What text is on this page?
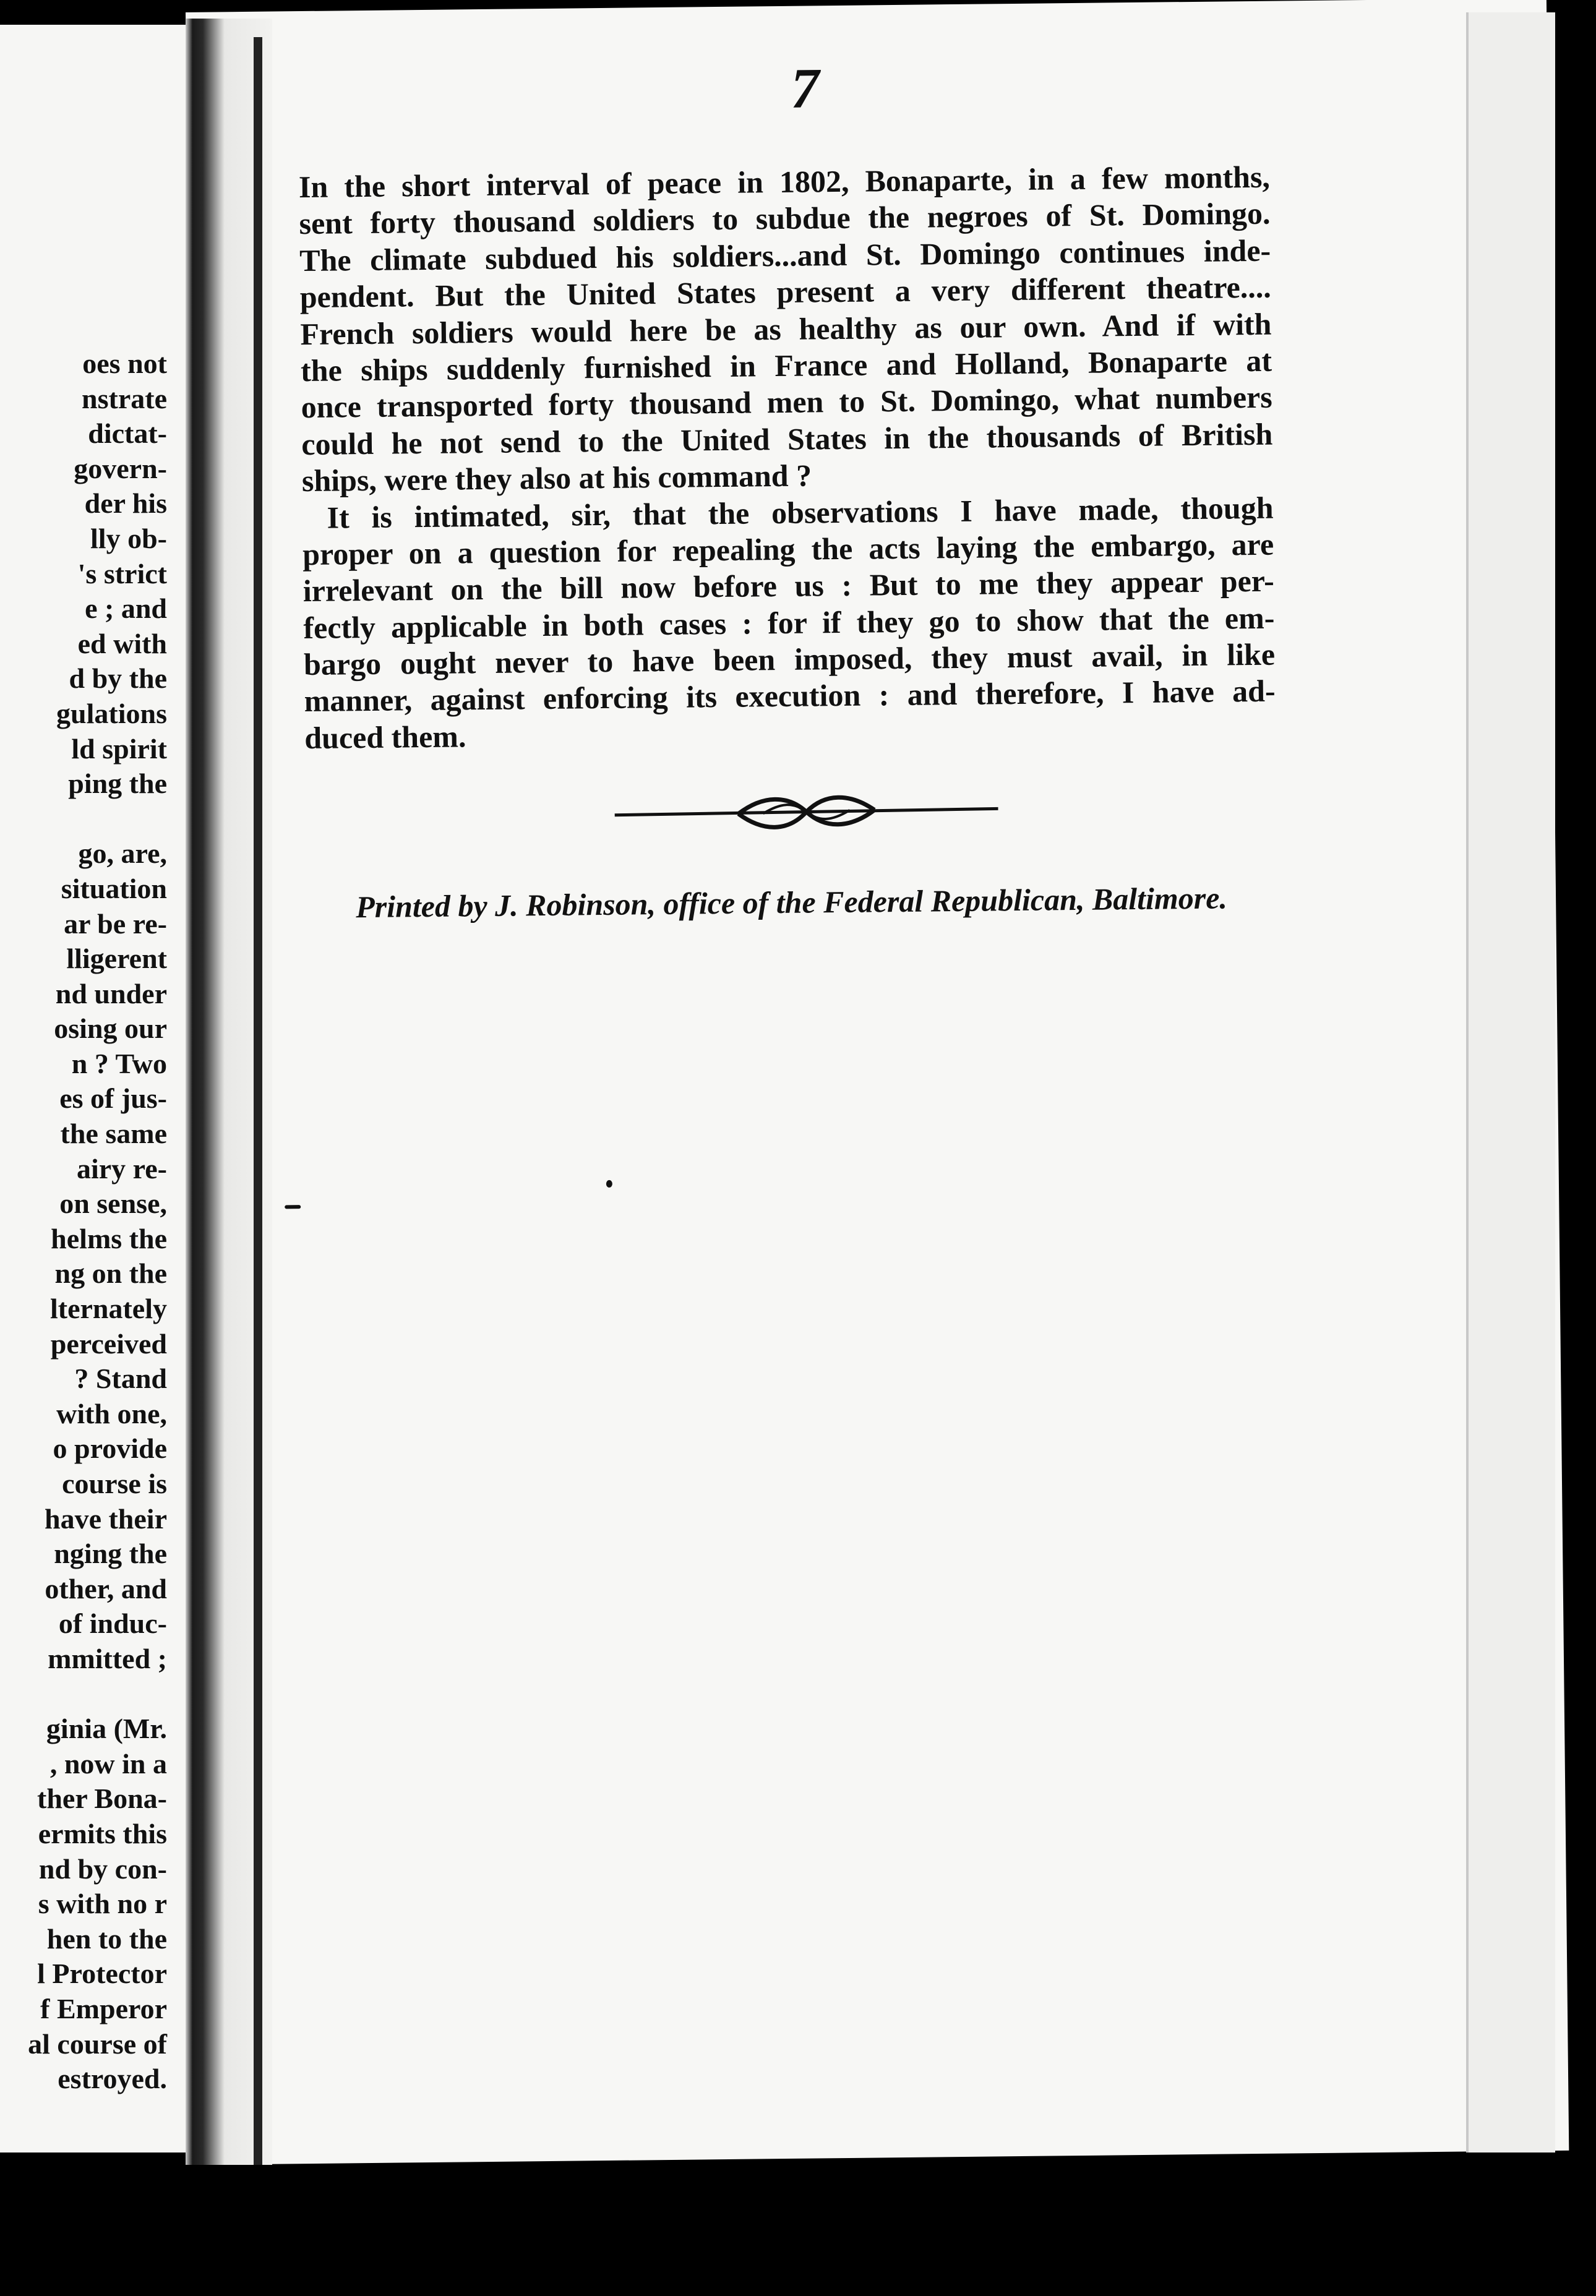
oes not
nstrate
dictat-
govern-
der his
lly ob-
's strict
e ; and
ed with
d by the
gulations
ld spirit
ping the
go, are,
situation
ar be re-
lligerent
nd under
osing our
n ? Two
es of jus-
the same
airy re-
on sense,
helms the
ng on the
lternately
perceived
? Stand
with one,
o provide
course is
have their
nging the
other, and
of induc-
mmitted ;
ginia (Mr.
, now in a
ther Bona-
ermits this
nd by con-
s with no r
hen to the
l Protector
f Emperor
al course of
estroyed.
7
In the short interval of peace in 1802, Bonaparte, in a few months,
sent forty thousand soldiers to subdue the negroes of St. Domingo.
The climate subdued his soldiers...and St. Domingo continues inde-
pendent. But the United States present a very different theatre....
French soldiers would here be as healthy as our own. And if with
the ships suddenly furnished in France and Holland, Bonaparte at
once transported forty thousand men to St. Domingo, what numbers
could he not send to the United States in the thousands of British
ships, were they also at his command ?
It is intimated, sir, that the observations I have made, though
proper on a question for repealing the acts laying the embargo, are
irrelevant on the bill now before us : But to me they appear per-
fectly applicable in both cases : for if they go to show that the em-
bargo ought never to have been imposed, they must avail, in like
manner, against enforcing its execution : and therefore, I have ad-
duced them.
Printed by J. Robinson, office of the Federal Republican, Baltimore.
